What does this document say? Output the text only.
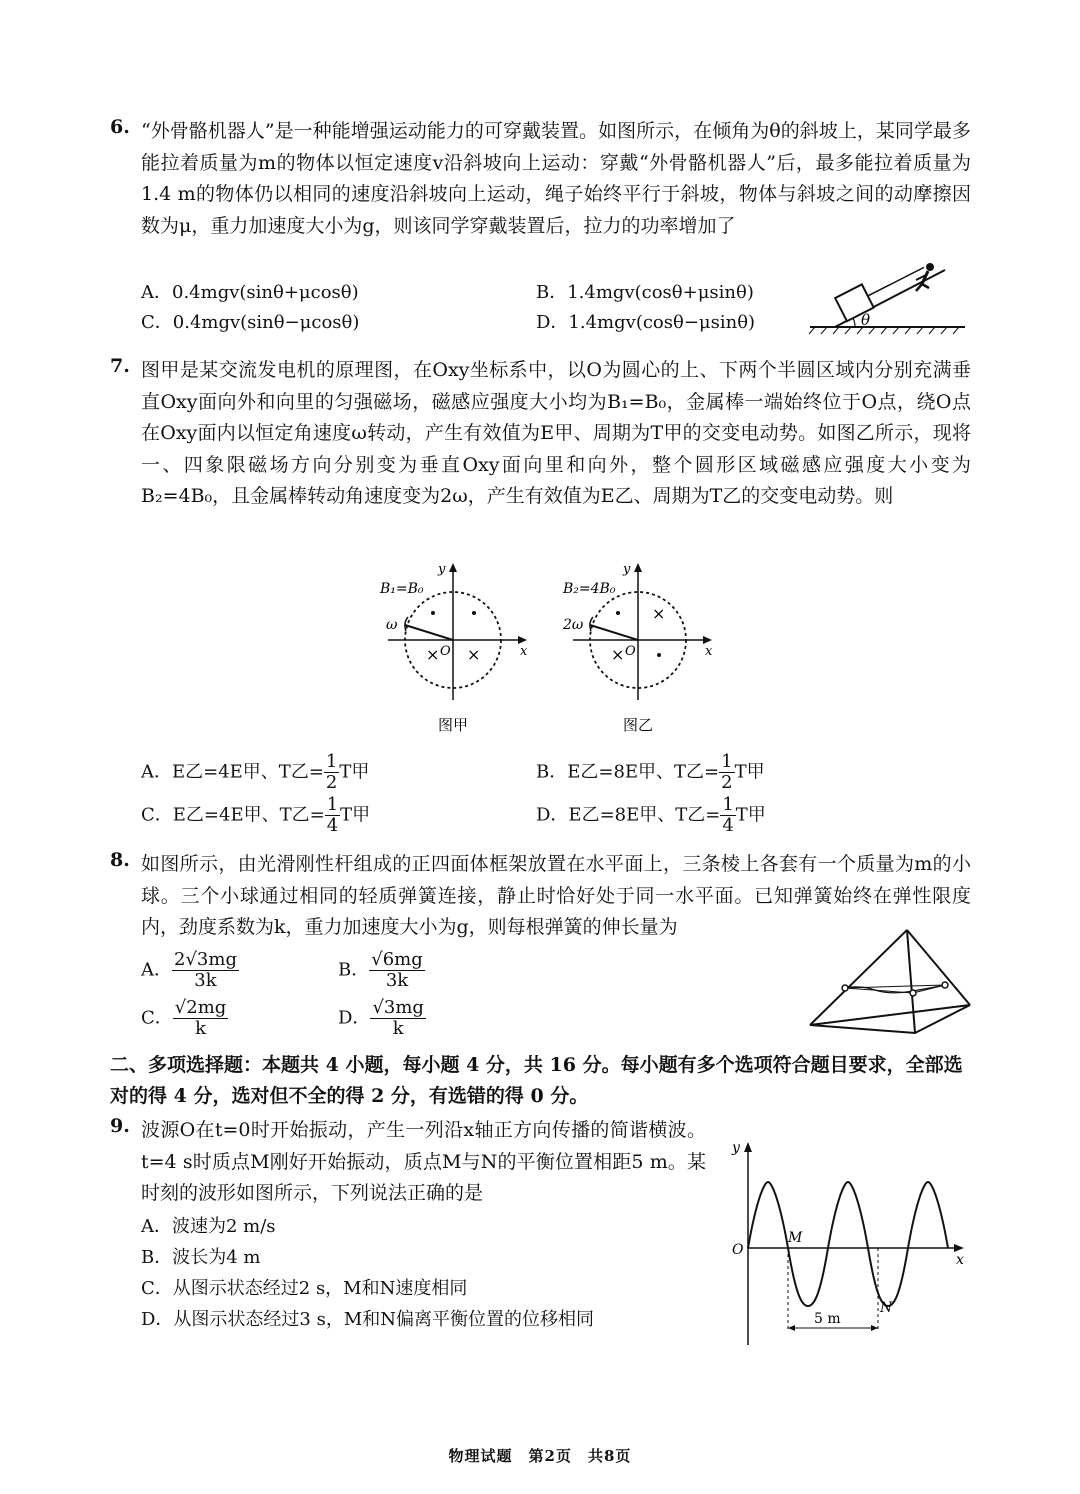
6. “外骨骼机器人”是一种能增强运动能力的可穿戴装置。如图所示，在倾角为θ的斜坡上，某同学最多能拉着质量为m的物体以恒定速度v沿斜坡向上运动：穿戴“外骨骼机器人”后，最多能拉着质量为1.4 m的物体仍以相同的速度沿斜坡向上运动，绳子始终平行于斜坡，物体与斜坡之间的动摩擦因数为μ，重力加速度大小为g，则该同学穿戴装置后，拉力的功率增加了
A．0.4mgv(sinθ+μcosθ)	B．1.4mgv(cosθ+μsinθ)
C．0.4mgv(sinθ−μcosθ)	D．1.4mgv(cosθ−μsinθ)	θ
7. 图甲是某交流发电机的原理图，在Oxy坐标系中，以O为圆心的上、下两个半圆区域内分别充满垂直Oxy面向外和向里的匀强磁场，磁感应强度大小均为B₁=B₀，金属棒一端始终位于O点，绕O点在Oxy面内以恒定角速度ω转动，产生有效值为E甲、周期为T甲的交变电动势。如图乙所示，现将一、四象限磁场方向分别变为垂直Oxy面向里和向外，整个圆形区域磁感应强度大小变为B₂=4B₀，且金属棒转动角速度变为2ω，产生有效值为E乙、周期为T乙的交变电动势。则
× ×
y
x
O
B₁=B₀
ω
图甲
×
×
y
x
O
B₂=4B₀
2ω
图乙
A．E乙=4E甲、T乙= $\frac{1}{2}$ T甲	B．E乙=8E甲、T乙= $\frac{1}{2}$ T甲
C．E乙=4E甲、T乙= $\frac{1}{4}$ T甲	D．E乙=8E甲、T乙= $\frac{1}{4}$ T甲
8. 如图所示，由光滑刚性杆组成的正四面体框架放置在水平面上，三条棱上各套有一个质量为m的小球。三个小球通过相同的轻质弹簧连接，静止时恰好处于同一水平面。已知弹簧始终在弹性限度内，劲度系数为k，重力加速度大小为g，则每根弹簧的伸长量为
A． $\frac{2√3mg}{3k}$	B． $\frac{√6mg}{3k}$
C． $\frac{√2mg}{k}$	D． $\frac{√3mg}{k}$
二、多项选择题：本题共 4 小题，每小题 4 分，共 16 分。每小题有多个选项符合题目要求，全部选对的得 4 分，选对但不全的得 2 分，有选错的得 0 分。
9. 波源O在t=0时开始振动，产生一列沿x轴正方向传播的简谐横波。t=4 s时质点M刚好开始振动，质点M与N的平衡位置相距5 m。某时刻的波形如图所示，下列说法正确的是
A．波速为2 m/s
B．波长为4 m
C．从图示状态经过2 s，M和N速度相同
D．从图示状态经过3 s，M和N偏离平衡位置的位移相同
y
x
O
M
N
5 m
物理试题　第2页　共8页
